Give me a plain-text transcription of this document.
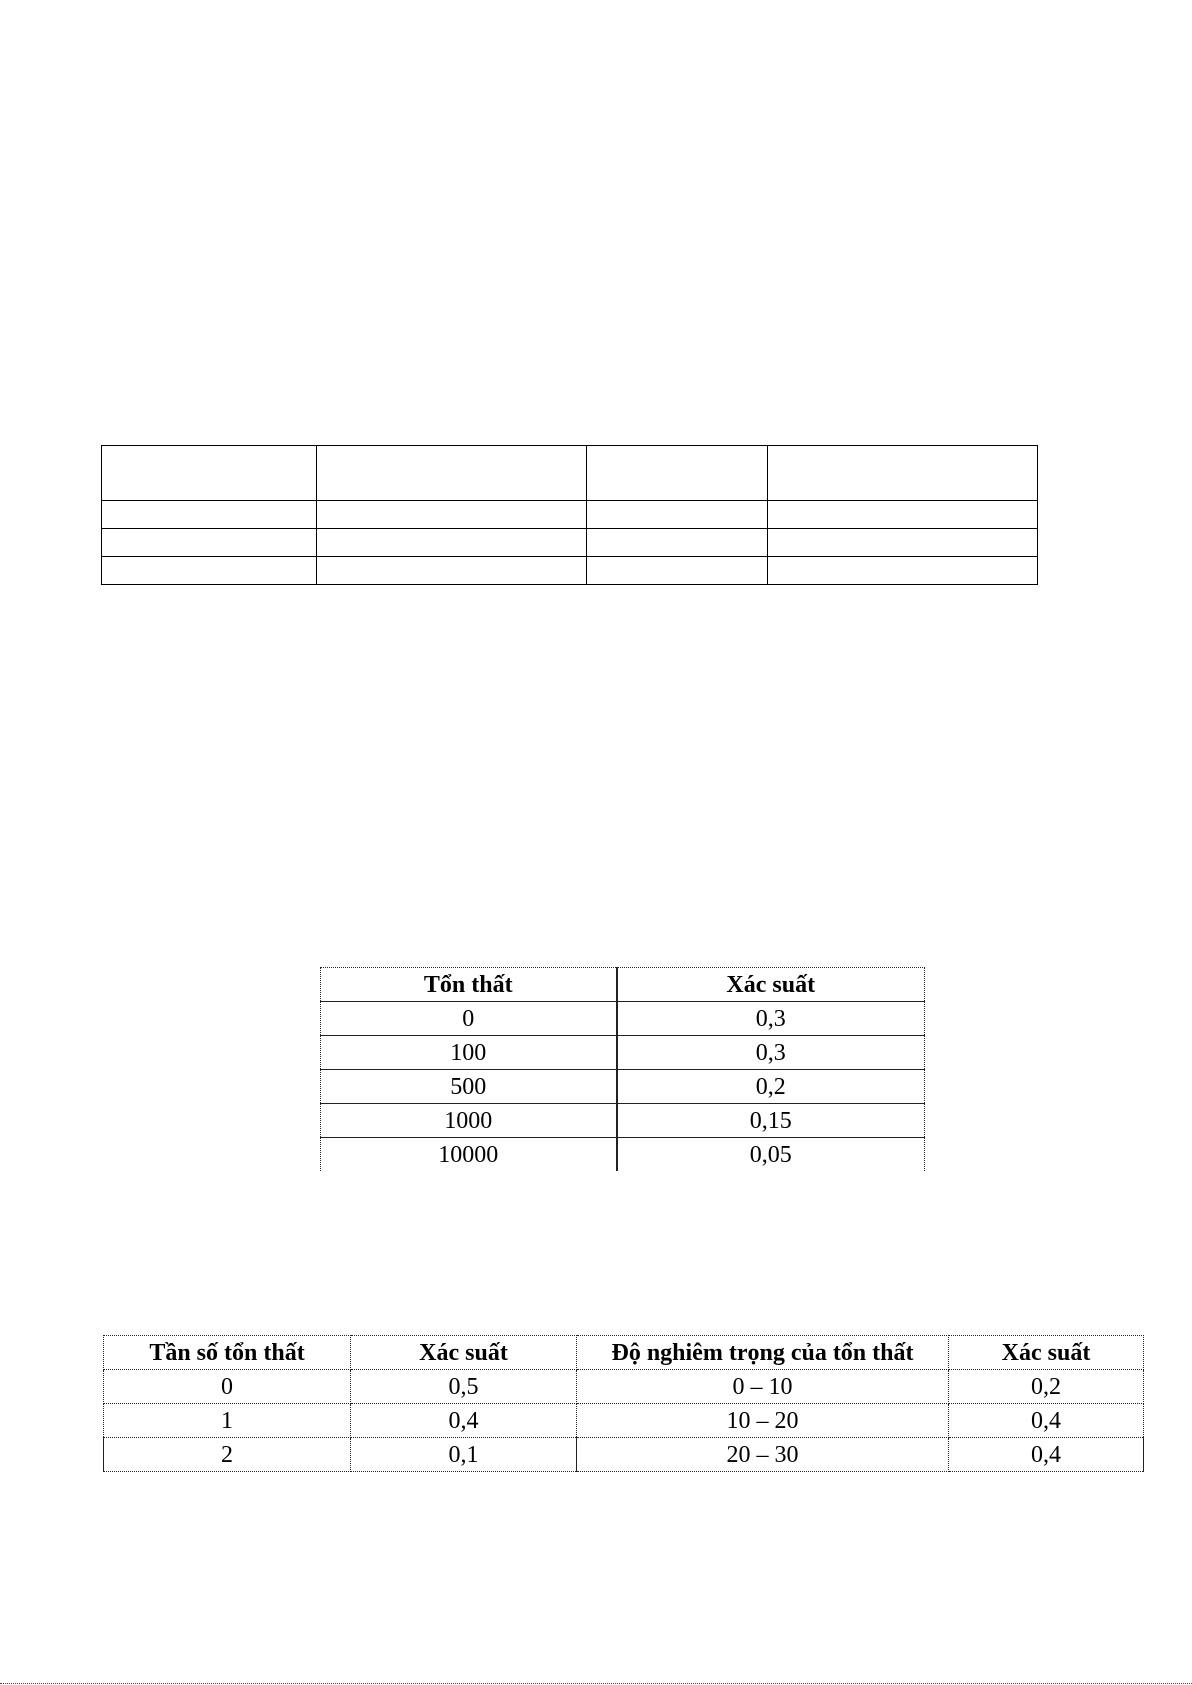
Tổn thất	Xác suất
0	0,3
100	0,3
500	0,2
1000	0,15
10000	0,05
Tần số tổn thất	Xác suất	Độ nghiêm trọng của tổn thất	Xác suất
0	0,5	0 – 10	0,2
1	0,4	10 – 20	0,4
2	0,1	20 – 30	0,4
